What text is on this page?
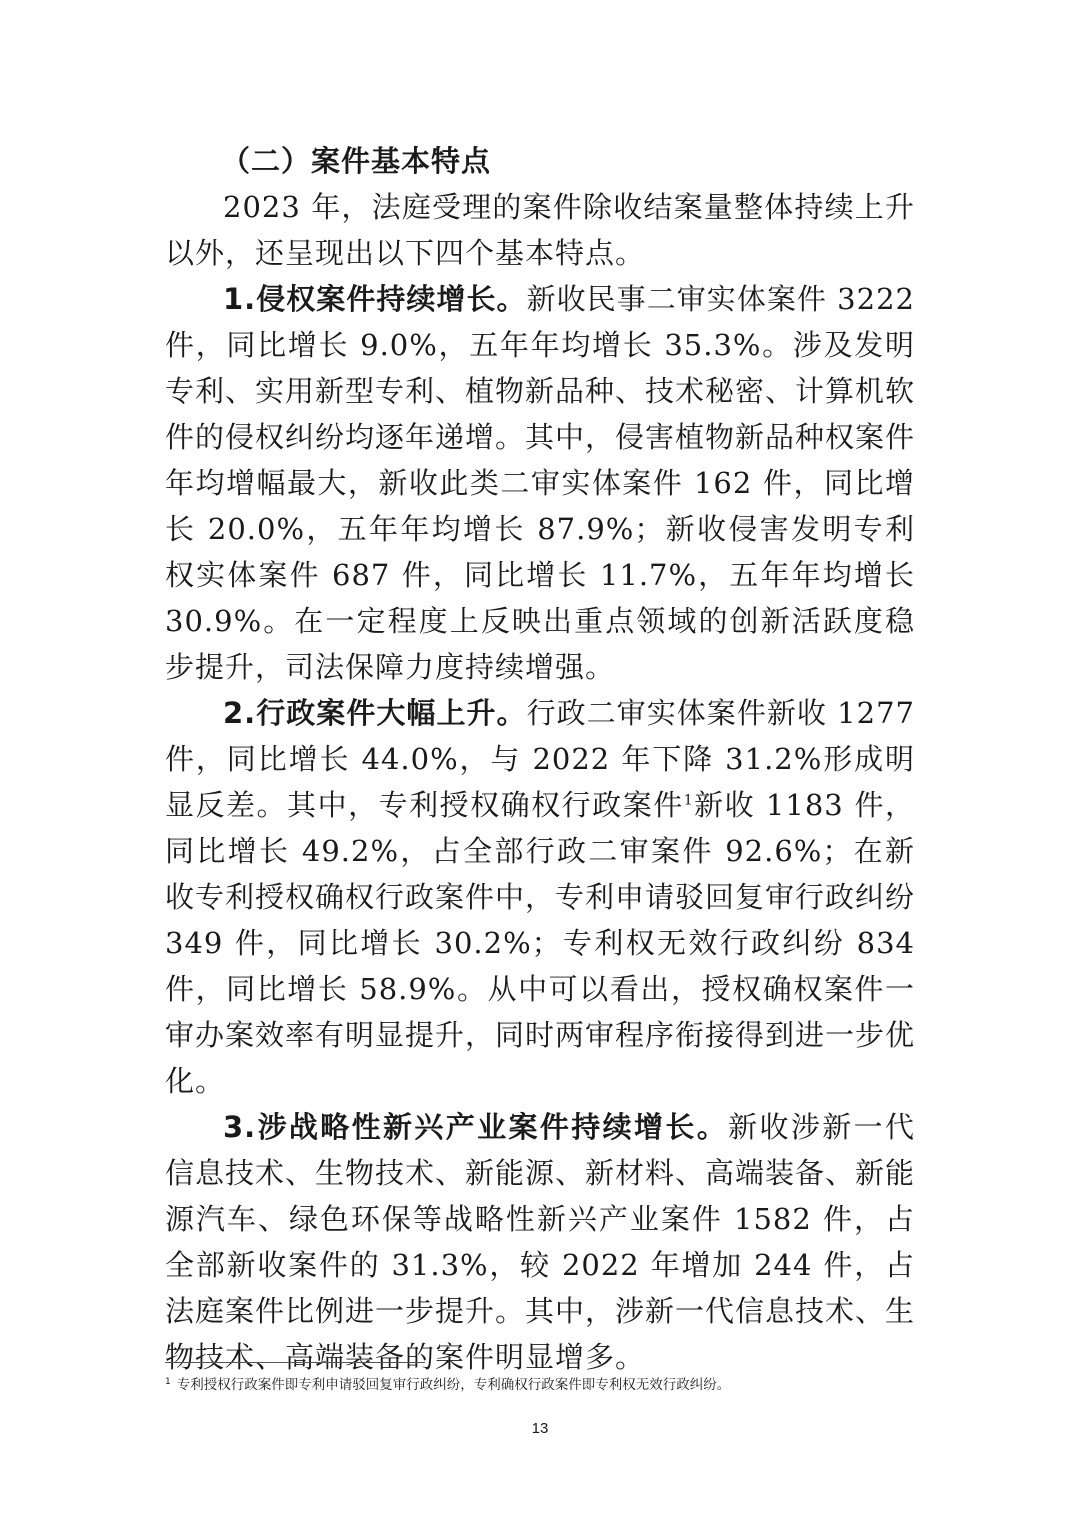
（二）案件基本特点

2023 年，法庭受理的案件除收结案量整体持续上升以外，还呈现出以下四个基本特点。

1.侵权案件持续增长。新收民事二审实体案件 3222 件，同比增长 9.0%，五年年均增长 35.3%。涉及发明专利、实用新型专利、植物新品种、技术秘密、计算机软件的侵权纠纷均逐年递增。其中，侵害植物新品种权案件年均增幅最大，新收此类二审实体案件 162 件，同比增长 20.0%，五年年均增长 87.9%；新收侵害发明专利权实体案件 687 件，同比增长 11.7%，五年年均增长 30.9%。在一定程度上反映出重点领域的创新活跃度稳步提升，司法保障力度持续增强。

2.行政案件大幅上升。行政二审实体案件新收 1277 件，同比增长 44.0%，与 2022 年下降 31.2%形成明显反差。其中，专利授权确权行政案件$^1$新收 1183 件，同比增长 49.2%，占全部行政二审案件 92.6%；在新收专利授权确权行政案件中，专利申请驳回复审行政纠纷 349 件，同比增长 30.2%；专利权无效行政纠纷 834 件，同比增长 58.9%。从中可以看出，授权确权案件一审办案效率有明显提升，同时两审程序衔接得到进一步优化。

3.涉战略性新兴产业案件持续增长。新收涉新一代信息技术、生物技术、新能源、新材料、高端装备、新能源汽车、绿色环保等战略性新兴产业案件 1582 件，占全部新收案件的 31.3%，较 2022 年增加 244 件，占法庭案件比例进一步提升。其中，涉新一代信息技术、生物技术、高端装备的案件明显增多。

$^1$ 专利授权行政案件即专利申请驳回复审行政纠纷，专利确权行政案件即专利权无效行政纠纷。

13
